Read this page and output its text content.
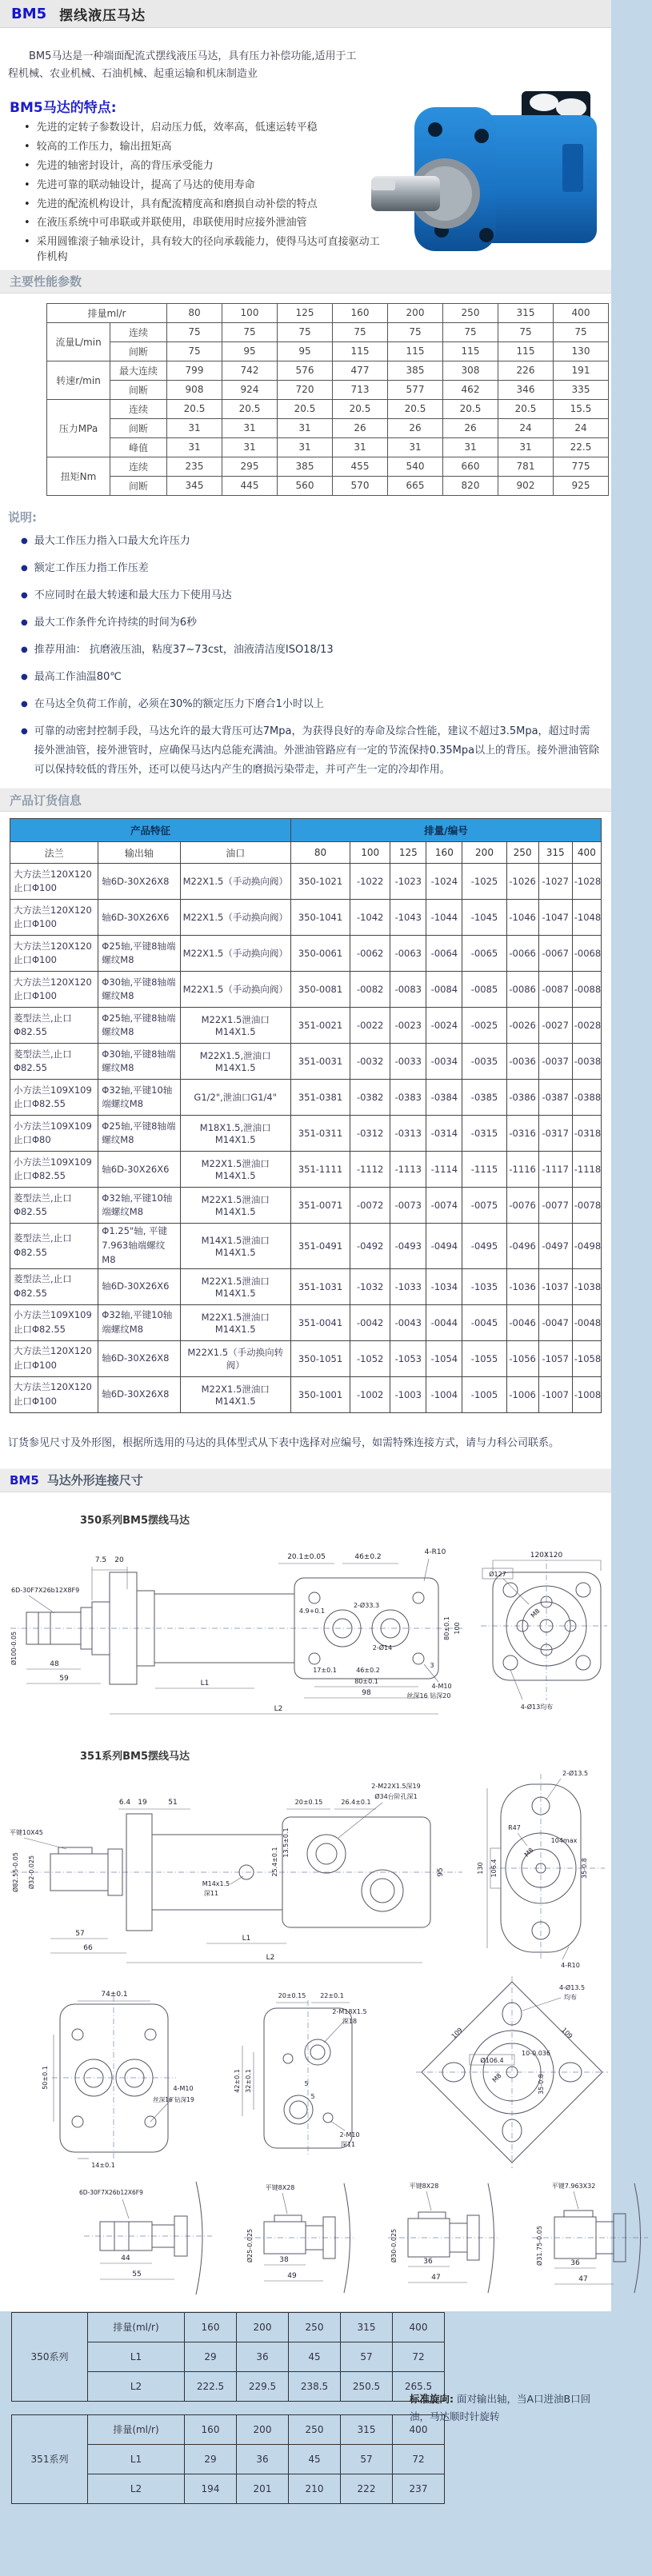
BM5 摆线液压马达

BM5马达是一种端面配流式摆线液压马达，具有压力补偿功能,适用于工程机械、农业机械、石油机械、起重运输和机床制造业

BM5马达的特点:
• 先进的定转子参数设计，启动压力低，效率高，低速运转平稳
• 较高的工作压力，输出扭矩高
• 先进的轴密封设计，高的背压承受能力
• 先进可靠的联动轴设计，提高了马达的使用寿命
• 先进的配流机构设计，具有配流精度高和磨损自动补偿的特点
• 在液压系统中可串联或并联使用，串联使用时应接外泄油管
• 采用圆锥滚子轴承设计，具有较大的径向承载能力，使得马达可直接驱动工作机构
主要性能参数
排量ml/r		80	100	125	160	200	250	315	400
流量L/min	连续	75	75	75	75	75	75	75	75
	间断	75	95	95	115	115	115	115	130
转速r/min	最大连续	799	742	576	477	385	308	226	191
	间断	908	924	720	713	577	462	346	335
压力MPa	连续	20.5	20.5	20.5	20.5	20.5	20.5	20.5	15.5
	间断	31	31	31	26	26	26	24	24
	峰值	31	31	31	31	31	31	31	22.5
扭矩Nm	连续	235	295	385	455	540	660	781	775
	间断	345	445	560	570	665	820	902	925
说明:
● 最大工作压力指入口最大允许压力
● 额定工作压力指工作压差
● 不应同时在最大转速和最大压力下使用马达
● 最大工作条件允许持续的时间为6秒
● 推荐用油： 抗磨液压油，粘度37~73cst，油液清洁度ISO18/13
● 最高工作油温80℃
● 在马达全负荷工作前，必须在30%的额定压力下磨合1小时以上
● 可靠的动密封控制手段，马达允许的最大背压可达7Mpa，为获得良好的寿命及综合性能，建议不超过3.5Mpa，超过时需接外泄油管，接外泄管时，应确保马达内总能充满油。外泄油管路应有一定的节流保持0.35Mpa以上的背压。接外泄油管除可以保持较低的背压外，还可以使马达内产生的磨损污染带走，并可产生一定的冷却作用。
产品订货信息
产品特征			排量/编号							
法兰	输出轴	油口	80	100	125	160	200	250	315	400
大方法兰120X120止口Φ100	轴6D-30X26X8	M22X1.5（手动换向阀）	350-1021	-1022	-1023	-1024	-1025	-1026	-1027	-1028
大方法兰120X120止口Φ100	轴6D-30X26X6	M22X1.5（手动换向阀）	350-1041	-1042	-1043	-1044	-1045	-1046	-1047	-1048
大方法兰120X120止口Φ100	Φ25轴,平键8轴端螺纹M8	M22X1.5（手动换向阀）	350-0061	-0062	-0063	-0064	-0065	-0066	-0067	-0068
大方法兰120X120止口Φ100	Φ30轴,平键8轴端螺纹M8	M22X1.5（手动换向阀）	350-0081	-0082	-0083	-0084	-0085	-0086	-0087	-0088
菱型法兰,止口Φ82.55	Φ25轴,平键8轴端螺纹M8	M22X1.5泄油口M14X1.5	351-0021	-0022	-0023	-0024	-0025	-0026	-0027	-0028
菱型法兰,止口Φ82.55	Φ30轴,平键8轴端螺纹M8	M22X1.5,泄油口M14X1.5	351-0031	-0032	-0033	-0034	-0035	-0036	-0037	-0038
小方法兰109X109止口Φ82.55	Φ32轴,平键10轴端螺纹M8	G1/2",泄油口G1/4"	351-0381	-0382	-0383	-0384	-0385	-0386	-0387	-0388
小方法兰109X109止口Φ80	Φ25轴,平键8轴端螺纹M8	M18X1.5,泄油口M14X1.5	351-0311	-0312	-0313	-0314	-0315	-0316	-0317	-0318
小方法兰109X109止口Φ82.55	轴6D-30X26X6	M22X1.5泄油口M14X1.5	351-1111	-1112	-1113	-1114	-1115	-1116	-1117	-1118
菱型法兰,止口Φ82.55	Φ32轴,平键10轴端螺纹M8	M22X1.5泄油口M14X1.5	351-0071	-0072	-0073	-0074	-0075	-0076	-0077	-0078
菱型法兰,止口Φ82.55	Φ1.25"轴, 平键7.963轴端螺纹M8	M14X1.5泄油口M14X1.5	351-0491	-0492	-0493	-0494	-0495	-0496	-0497	-0498
菱型法兰,止口Φ82.55	轴6D-30X26X6	M22X1.5泄油口M14X1.5	351-1031	-1032	-1033	-1034	-1035	-1036	-1037	-1038
小方法兰109X109止口Φ82.55	Φ32轴,平键10轴端螺纹M8	M22X1.5泄油口M14X1.5	351-0041	-0042	-0043	-0044	-0045	-0046	-0047	-0048
大方法兰120X120止口Φ100	轴6D-30X26X8	M22X1.5（手动换向转阀）	350-1051	-1052	-1053	-1054	-1055	-1056	-1057	-1058
大方法兰120X120止口Φ100	轴6D-30X26X8	M22X1.5泄油口M14X1.5	350-1001	-1002	-1003	-1004	-1005	-1006	-1007	-1008

订货参见尺寸及外形图，根据所选用的马达的具体型式从下表中选择对应编号，如需特殊连接方式，请与力科公司联系。

BM5 马达外形连接尺寸
350系列BM5摆线马达
7.5 20	20.1±0.05	46±0.2
4-R10
6D-30F7X26b12X8F9
Ø100-0.05
4.9+0.1
2-Ø33.3
80±0.1 100
2-Ø14
17±0.1	46±0.2
3
48
59
L1
L2
80±0.1
98
4-M10
丝深16 钻深20
120X120
Ø127
M8
4-Ø13均布
351系列BM5摆线马达
6.4 19	51
平键10X45
20±0.15	26.4±0.1
2-M22X1.5深19
Ø34台阶孔深1
Ø82.55-0.05 Ø32-0.025
57
66
M14x1.5
深11
25.4±0.1
13.5±0.1
95
L1
L2
2-Ø13.5
130 106.4
R47
M8
104max
35-0.8
4-R10
74±0.1
50±0.1
14±0.1
4-M10
丝深16 钻深19
20±0.15 22±0.1
2-M18X1.5
深18
42±0.1 32±0.1	5
5
2-M10
深11
109	109
Ø106.4
M8
10-0.036
35-0.8
4-Ø13.5
均布
6D-30F7X26b12X6F9
44
55
平键8X28
Ø25-0.025	38
49
平键8X28
Ø30-0.025	36
47
平键7.963X32
Ø31.75-0.05	36
47
350系列	排量(ml/r)	160	200	250	315	400
	L1	29	36	45	57	72
	L2	222.5	229.5	238.5	250.5	265.5
351系列	排量(ml/r)	160	200	250	315	400
	L1	29	36	45	57	72
	L2	194	201	210	222	237
标准旋向: 面对输出轴，当A口进油B口回油，马达顺时针旋转
